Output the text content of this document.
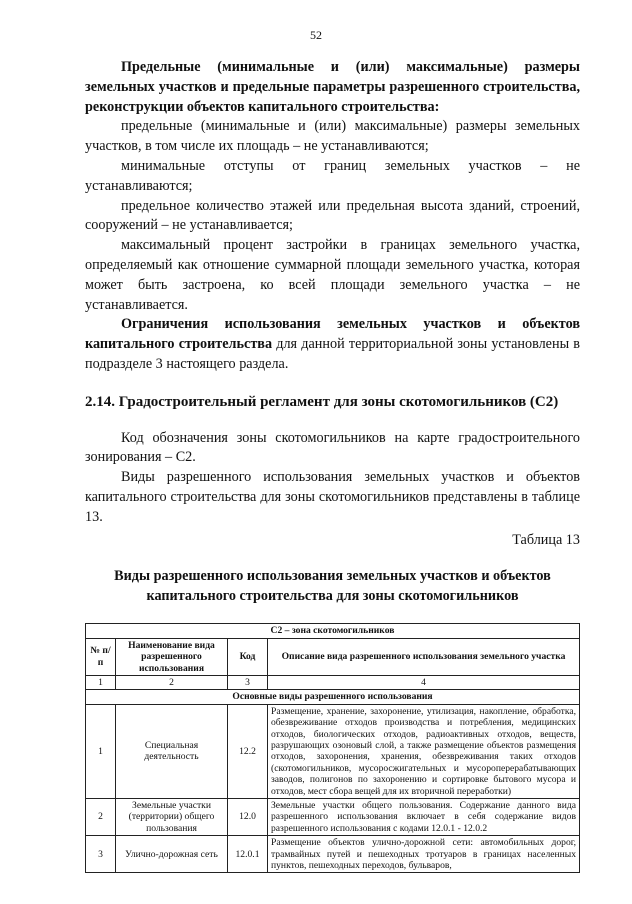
52

Предельные (минимальные и (или) максимальные) размеры земельных участков и предельные параметры разрешенного строительства, реконструкции объектов капитального строительства:

предельные (минимальные и (или) максимальные) размеры земельных участков, в том числе их площадь – не устанавливаются;

минимальные отступы от границ земельных участков – не устанавливаются;

предельное количество этажей или предельная высота зданий, строений, сооружений – не устанавливается;

максимальный процент застройки в границах земельного участка, определяемый как отношение суммарной площади земельного участка, которая может быть застроена, ко всей площади земельного участка – не устанавливается.

Ограничения использования земельных участков и объектов капитального строительства для данной территориальной зоны установлены в подразделе 3 настоящего раздела.

2.14. Градостроительный регламент для зоны скотомогильников (С2)

Код обозначения зоны скотомогильников на карте градостроительного зонирования – С2.

Виды разрешенного использования земельных участков и объектов капитального строительства для зоны скотомогильников представлены в таблице 13.

Таблица 13

Виды разрешенного использования земельных участков и объектов капитального строительства для зоны скотомогильников
С2 – зона скотомогильников			
№ п/п	Наименование вида разрешенного использования	Код	Описание вида разрешенного использования земельного участка
1	2	3	4
Основные виды разрешенного использования			
1	Специальная деятельность	12.2	Размещение, хранение, захоронение, утилизация, накопление, обработка, обезвреживание отходов производства и потребления, медицинских отходов, биологических отходов, радиоактивных отходов, веществ, разрушающих озоновый слой, а также размещение объектов размещения отходов, захоронения, хранения, обезвреживания таких отходов (скотомогильников, мусоросжигательных и мусороперерабатывающих заводов, полигонов по захоронению и сортировке бытового мусора и отходов, мест сбора вещей для их вторичной переработки)
2	Земельные участки (территории) общего пользования	12.0	Земельные участки общего пользования. Содержание данного вида разрешенного использования включает в себя содержание видов разрешенного использования с кодами 12.0.1 - 12.0.2
3	Улично-дорожная сеть	12.0.1	Размещение объектов улично-дорожной сети: автомобильных дорог, трамвайных путей и пешеходных тротуаров в границах населенных пунктов, пешеходных переходов, бульваров,
